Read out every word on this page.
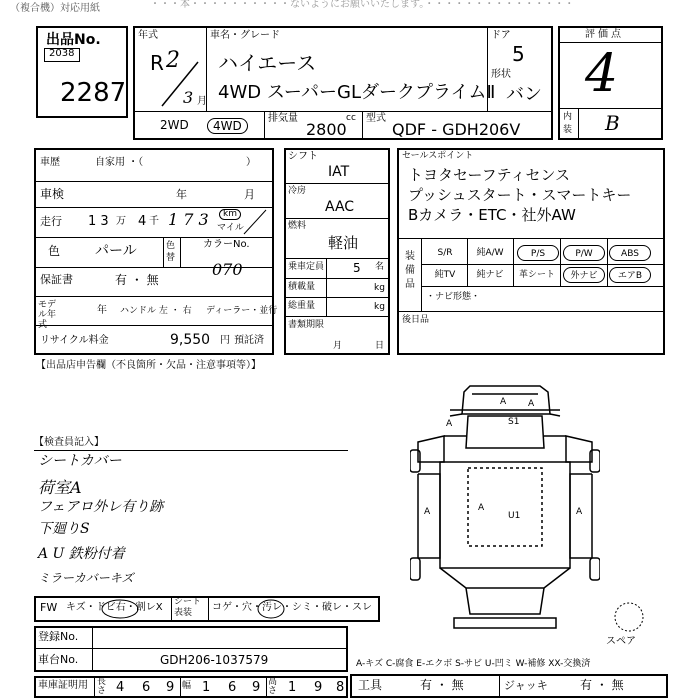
（複合機）対応用紙	・・・本・・・・・・・・・・ないようにお願いいたします。・・・・・・・・・・・・・・・
出品No.
2038
2287
年式
R 2
3 月
車名・グレード
ハイエース
4WD スーパーGLダークプライムⅡ
ドア
5
形状
バン
2WD	4WD
排気量
2800
cc 型式
QDF - GDH206V
評価点
4
内装 B
車歴	自家用 ・（	）
車検	年	月
走行 1 3 万 4 千 1 7 3	km
マイル
色 パール	色替
カラーNo.
070
保証書	有 ・ 無
モデル年式
年 ハンドル 左 ・ 右 ディーラー・並行
リサイクル料金	9,550 円 預託済
シフト
IAT
冷房
AAC
燃料
軽油
乗車定員 5 名
積載量	kg
総重量	kg
書類期限
月	日
セールスポイント
トヨタセーフティセンス
プッシュスタート・スマートキー
Bカメラ・ETC・社外AW
装備品
S/R	純A/W	P/S	P/W	ABS
純TV	純ナビ	革シート	外ナビ	エアB
・ナビ形態・
後日品
【出品店申告欄（不良箇所・欠品・注意事項等）】
【検査員記入】
シートカバー
荷室A
フェアロ外レ有り跡
下廻りS
A U 鉄粉付着
ミラーカバーキズ
FW キズ・ドビ右・割レX シート表装	コゲ・穴・汚レ・シミ・破レ・スレ
登録No.
車台No.	GDH206-1037579
車庫証明用 長さ 4 6 9 幅 1 6 9 高さ 1 9 8
A	S1
A A
A
U1
A	A
スペア
A-キズ C-腐食 E-エクボ S-サビ U-凹ミ W-補修 XX-交換済
工具	有 ・ 無	ジャッキ	有 ・ 無
